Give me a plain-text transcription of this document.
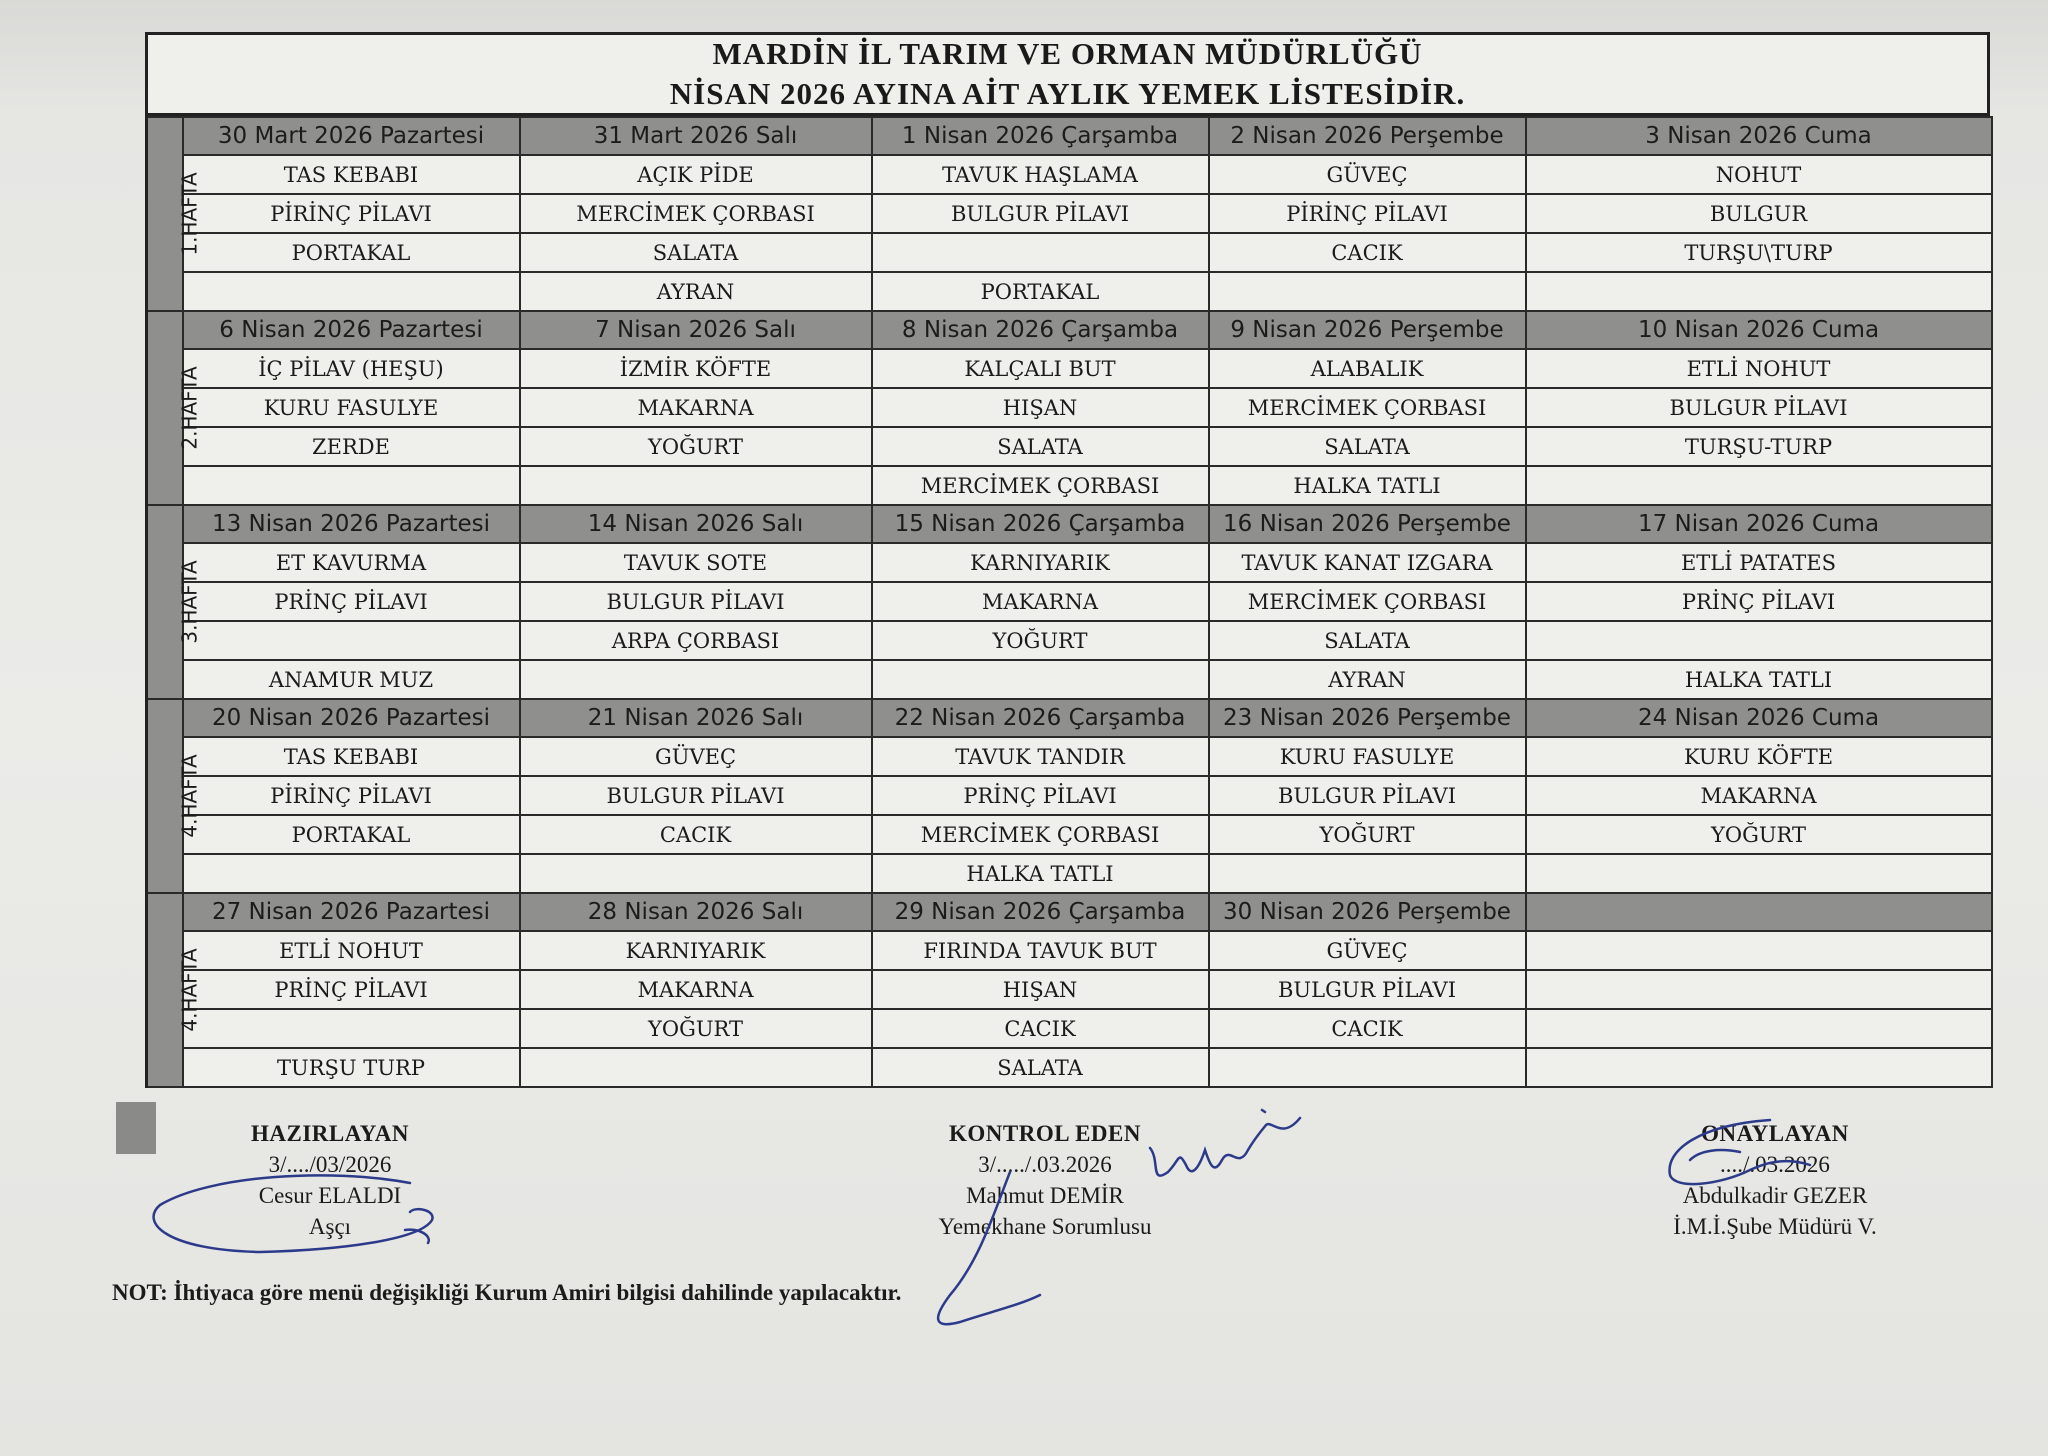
MARDİN İL TARIM VE ORMAN MÜDÜRLÜĞÜ
NİSAN 2026 AYINA AİT AYLIK YEMEK LİSTESİDİR.
1.HAFTA	30 Mart 2026 Pazartesi	31 Mart 2026 Salı	1 Nisan 2026 Çarşamba	2 Nisan 2026 Perşembe	3 Nisan 2026 Cuma
	TAS KEBABI	AÇIK PİDE	TAVUK HAŞLAMA	GÜVEÇ	NOHUT
	PİRİNÇ PİLAVI	MERCİMEK ÇORBASI	BULGUR PİLAVI	PİRİNÇ PİLAVI	BULGUR
	PORTAKAL	SALATA		CACIK	TURŞU\TURP
		AYRAN	PORTAKAL		
2.HAFTA	6 Nisan 2026 Pazartesi	7 Nisan 2026 Salı	8 Nisan 2026 Çarşamba	9 Nisan 2026 Perşembe	10 Nisan 2026 Cuma
	İÇ PİLAV (HEŞU)	İZMİR KÖFTE	KALÇALI BUT	ALABALIK	ETLİ NOHUT
	KURU FASULYE	MAKARNA	HIŞAN	MERCİMEK ÇORBASI	BULGUR PİLAVI
	ZERDE	YOĞURT	SALATA	SALATA	TURŞU-TURP
			MERCİMEK ÇORBASI	HALKA TATLI	
3.HAFTA	13 Nisan 2026 Pazartesi	14 Nisan 2026 Salı	15 Nisan 2026 Çarşamba	16 Nisan 2026 Perşembe	17 Nisan 2026 Cuma
	ET KAVURMA	TAVUK SOTE	KARNIYARIK	TAVUK KANAT IZGARA	ETLİ PATATES
	PRİNÇ PİLAVI	BULGUR PİLAVI	MAKARNA	MERCİMEK ÇORBASI	PRİNÇ PİLAVI
		ARPA ÇORBASI	YOĞURT	SALATA	
	ANAMUR MUZ			AYRAN	HALKA TATLI
4.HAFTA	20 Nisan 2026 Pazartesi	21 Nisan 2026 Salı	22 Nisan 2026 Çarşamba	23 Nisan 2026 Perşembe	24 Nisan 2026 Cuma
	TAS KEBABI	GÜVEÇ	TAVUK TANDIR	KURU FASULYE	KURU KÖFTE
	PİRİNÇ PİLAVI	BULGUR PİLAVI	PRİNÇ PİLAVI	BULGUR PİLAVI	MAKARNA
	PORTAKAL	CACIK	MERCİMEK ÇORBASI	YOĞURT	YOĞURT
			HALKA TATLI		
4.HAFTA	27 Nisan 2026 Pazartesi	28 Nisan 2026 Salı	29 Nisan 2026 Çarşamba	30 Nisan 2026 Perşembe	
	ETLİ NOHUT	KARNIYARIK	FIRINDA TAVUK BUT	GÜVEÇ	
	PRİNÇ PİLAVI	MAKARNA	HIŞAN	BULGUR PİLAVI	
		YOĞURT	CACIK	CACIK	
	TURŞU TURP		SALATA		
HAZIRLAYAN
3/..../03/2026
Cesur ELALDI
Aşçı
KONTROL EDEN
3/...../.03.2026
Mahmut DEMİR
Yemekhane Sorumlusu
ONAYLAYAN
..../.03.2026
Abdulkadir GEZER
İ.M.İ.Şube Müdürü V.
NOT: İhtiyaca göre menü değişikliği Kurum Amiri bilgisi dahilinde yapılacaktır.
